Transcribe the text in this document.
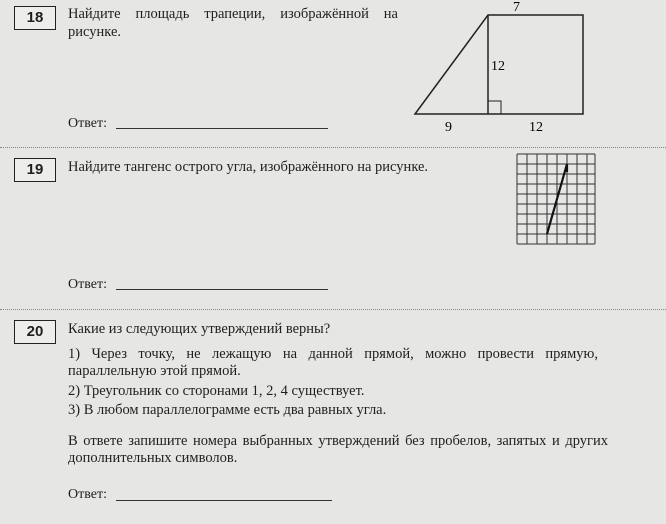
18	Найдите площадь трапеции, изображённой на рисунке.
7
12
9	12
Ответ:
19	Найдите тангенс острого угла, изображённого на рисунке.
Ответ:
20	Какие из следующих утверждений верны?
1) Через точку, не лежащую на данной прямой, можно провести прямую, параллельную этой прямой.
2) Треугольник со сторонами 1, 2, 4 существует.
3) В любом параллелограмме есть два равных угла.
В ответе запишите номера выбранных утверждений без пробелов, запятых и других дополнительных символов.
Ответ:
